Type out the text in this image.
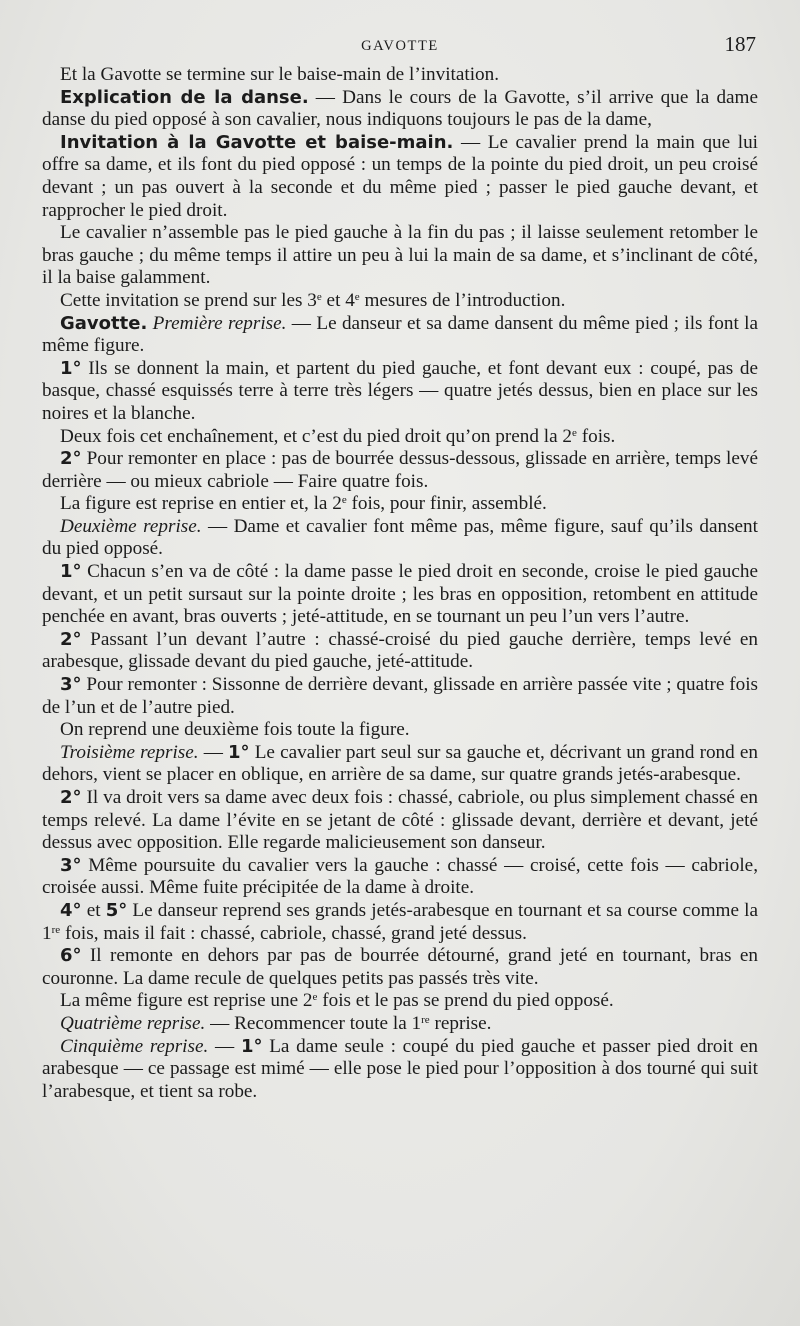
GAVOTTE	187

Et la Gavotte se termine sur le baise-main de l’invitation.

Explication de la danse. — Dans le cours de la Gavotte, s’il arrive que la dame danse du pied opposé à son cavalier, nous indiquons toujours le pas de la dame,

Invitation à la Gavotte et baise-main. — Le cavalier prend la main que lui offre sa dame, et ils font du pied opposé : un temps de la pointe du pied droit, un peu croisé devant ; un pas ouvert à la seconde et du même pied ; passer le pied gauche devant, et rapprocher le pied droit.

Le cavalier n’assemble pas le pied gauche à la fin du pas ; il laisse seulement retomber le bras gauche ; du même temps il attire un peu à lui la main de sa dame, et s’inclinant de côté, il la baise galamment.

Cette invitation se prend sur les 3e et 4e mesures de l’introduction.

Gavotte. Première reprise. — Le danseur et sa dame dansent du même pied ; ils font la même figure.

1° Ils se donnent la main, et partent du pied gauche, et font devant eux : coupé, pas de basque, chassé esquissés terre à terre très légers — quatre jetés dessus, bien en place sur les noires et la blanche.

Deux fois cet enchaînement, et c’est du pied droit qu’on prend la 2e fois.

2° Pour remonter en place : pas de bourrée dessus-dessous, glissade en arrière, temps levé derrière — ou mieux cabriole — Faire quatre fois.

La figure est reprise en entier et, la 2e fois, pour finir, assemblé.

Deuxième reprise. — Dame et cavalier font même pas, même figure, sauf qu’ils dansent du pied opposé.

1° Chacun s’en va de côté : la dame passe le pied droit en seconde, croise le pied gauche devant, et un petit sursaut sur la pointe droite ; les bras en opposition, retombent en attitude penchée en avant, bras ouverts ; jeté-attitude, en se tournant un peu l’un vers l’autre.

2° Passant l’un devant l’autre : chassé-croisé du pied gauche derrière, temps levé en arabesque, glissade devant du pied gauche, jeté-attitude.

3° Pour remonter : Sissonne de derrière devant, glissade en arrière passée vite ; quatre fois de l’un et de l’autre pied.

On reprend une deuxième fois toute la figure.

Troisième reprise. — 1° Le cavalier part seul sur sa gauche et, décrivant un grand rond en dehors, vient se placer en oblique, en arrière de sa dame, sur quatre grands jetés-arabesque.

2° Il va droit vers sa dame avec deux fois : chassé, cabriole, ou plus simplement chassé en temps relevé. La dame l’évite en se jetant de côté : glissade devant, derrière et devant, jeté dessus avec opposition. Elle regarde malicieusement son danseur.

3° Même poursuite du cavalier vers la gauche : chassé — croisé, cette fois — cabriole, croisée aussi. Même fuite précipitée de la dame à droite.

4° et 5° Le danseur reprend ses grands jetés-arabesque en tournant et sa course comme la 1re fois, mais il fait : chassé, cabriole, chassé, grand jeté dessus.

6° Il remonte en dehors par pas de bourrée détourné, grand jeté en tournant, bras en couronne. La dame recule de quelques petits pas passés très vite.

La même figure est reprise une 2e fois et le pas se prend du pied opposé.

Quatrième reprise. — Recommencer toute la 1re reprise.

Cinquième reprise. — 1° La dame seule : coupé du pied gauche et passer pied droit en arabesque — ce passage est mimé — elle pose le pied pour l’opposition à dos tourné qui suit l’arabesque, et tient sa robe.
